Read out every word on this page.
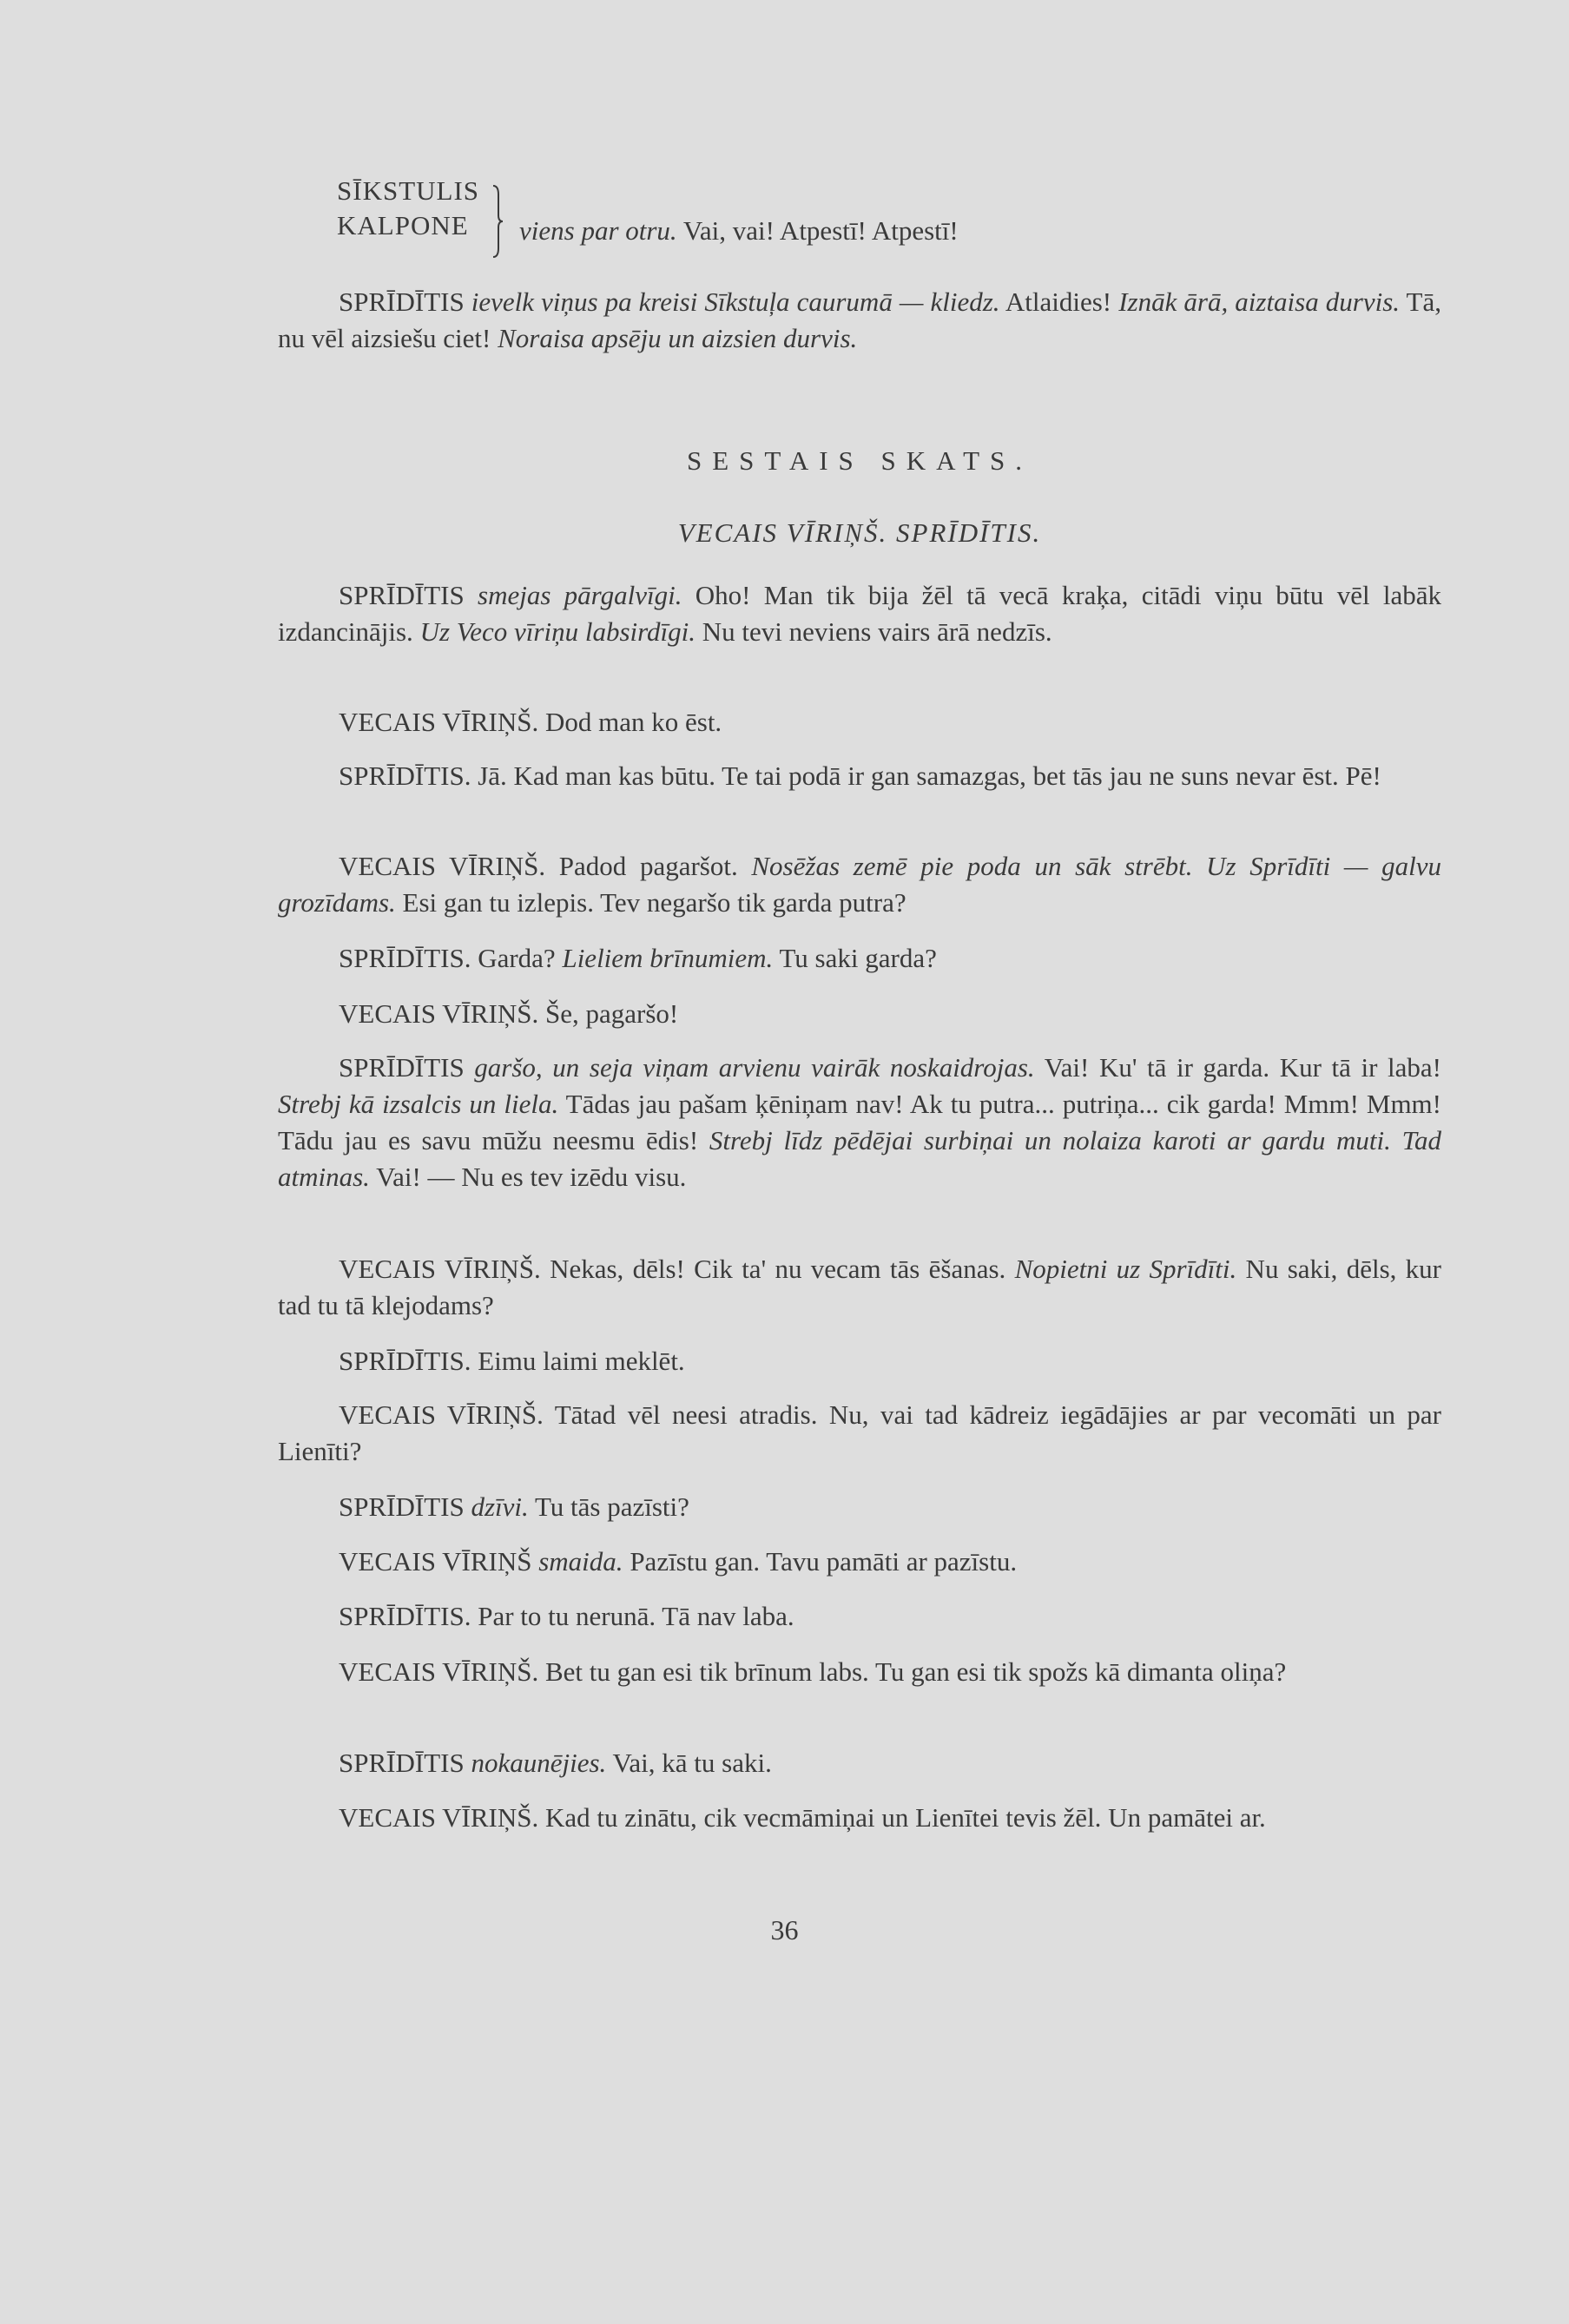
SĪKSTULIS
KALPONE	viens par otru. Vai, vai! Atpestī! Atpestī!

SPRĪDĪTIS ievelk viņus pa kreisi Sīkstuļa caurumā — kliedz. Atlaidies! Iznāk ārā, aiztaisa durvis. Tā, nu vēl aizsiešu ciet! Noraisa apsēju un aizsien durvis.

SESTAIS SKATS.
VECAIS VĪRIŅŠ. SPRĪDĪTIS.

SPRĪDĪTIS smejas pārgalvīgi. Oho! Man tik bija žēl tā vecā kraķa, citādi viņu būtu vēl labāk izdancinājis. Uz Veco vīriņu labsirdīgi. Nu tevi neviens vairs ārā nedzīs.

VECAIS VĪRIŅŠ. Dod man ko ēst.

SPRĪDĪTIS. Jā. Kad man kas būtu. Te tai podā ir gan samazgas, bet tās jau ne suns nevar ēst. Pē!

VECAIS VĪRIŅŠ. Padod pagaršot. Nosēžas zemē pie poda un sāk strēbt. Uz Sprīdīti — galvu grozīdams. Esi gan tu izlepis. Tev negaršo tik garda putra?

SPRĪDĪTIS. Garda? Lieliem brīnumiem. Tu saki garda?

VECAIS VĪRIŅŠ. Še, pagaršo!

SPRĪDĪTIS garšo, un seja viņam arvienu vairāk noskaidrojas. Vai! Ku' tā ir garda. Kur tā ir laba! Strebj kā izsalcis un liela. Tādas jau pašam ķēniņam nav! Ak tu putra... putriņa... cik garda! Mmm! Mmm! Tādu jau es savu mūžu neesmu ēdis! Strebj līdz pēdējai surbiņai un nolaiza karoti ar gardu muti. Tad atminas. Vai! — Nu es tev izēdu visu.

VECAIS VĪRIŅŠ. Nekas, dēls! Cik ta' nu vecam tās ēšanas. Nopietni uz Sprīdīti. Nu saki, dēls, kur tad tu tā klejodams?

SPRĪDĪTIS. Eimu laimi meklēt.

VECAIS VĪRIŅŠ. Tātad vēl neesi atradis. Nu, vai tad kādreiz iegādājies ar par vecomāti un par Lienīti?

SPRĪDĪTIS dzīvi. Tu tās pazīsti?

VECAIS VĪRIŅŠ smaida. Pazīstu gan. Tavu pamāti ar pazīstu.

SPRĪDĪTIS. Par to tu nerunā. Tā nav laba.

VECAIS VĪRIŅŠ. Bet tu gan esi tik brīnum labs. Tu gan esi tik spožs kā dimanta oliņa?

SPRĪDĪTIS nokaunējies. Vai, kā tu saki.

VECAIS VĪRIŅŠ. Kad tu zinātu, cik vecmāmiņai un Lienītei tevis žēl. Un pamātei ar.

36
